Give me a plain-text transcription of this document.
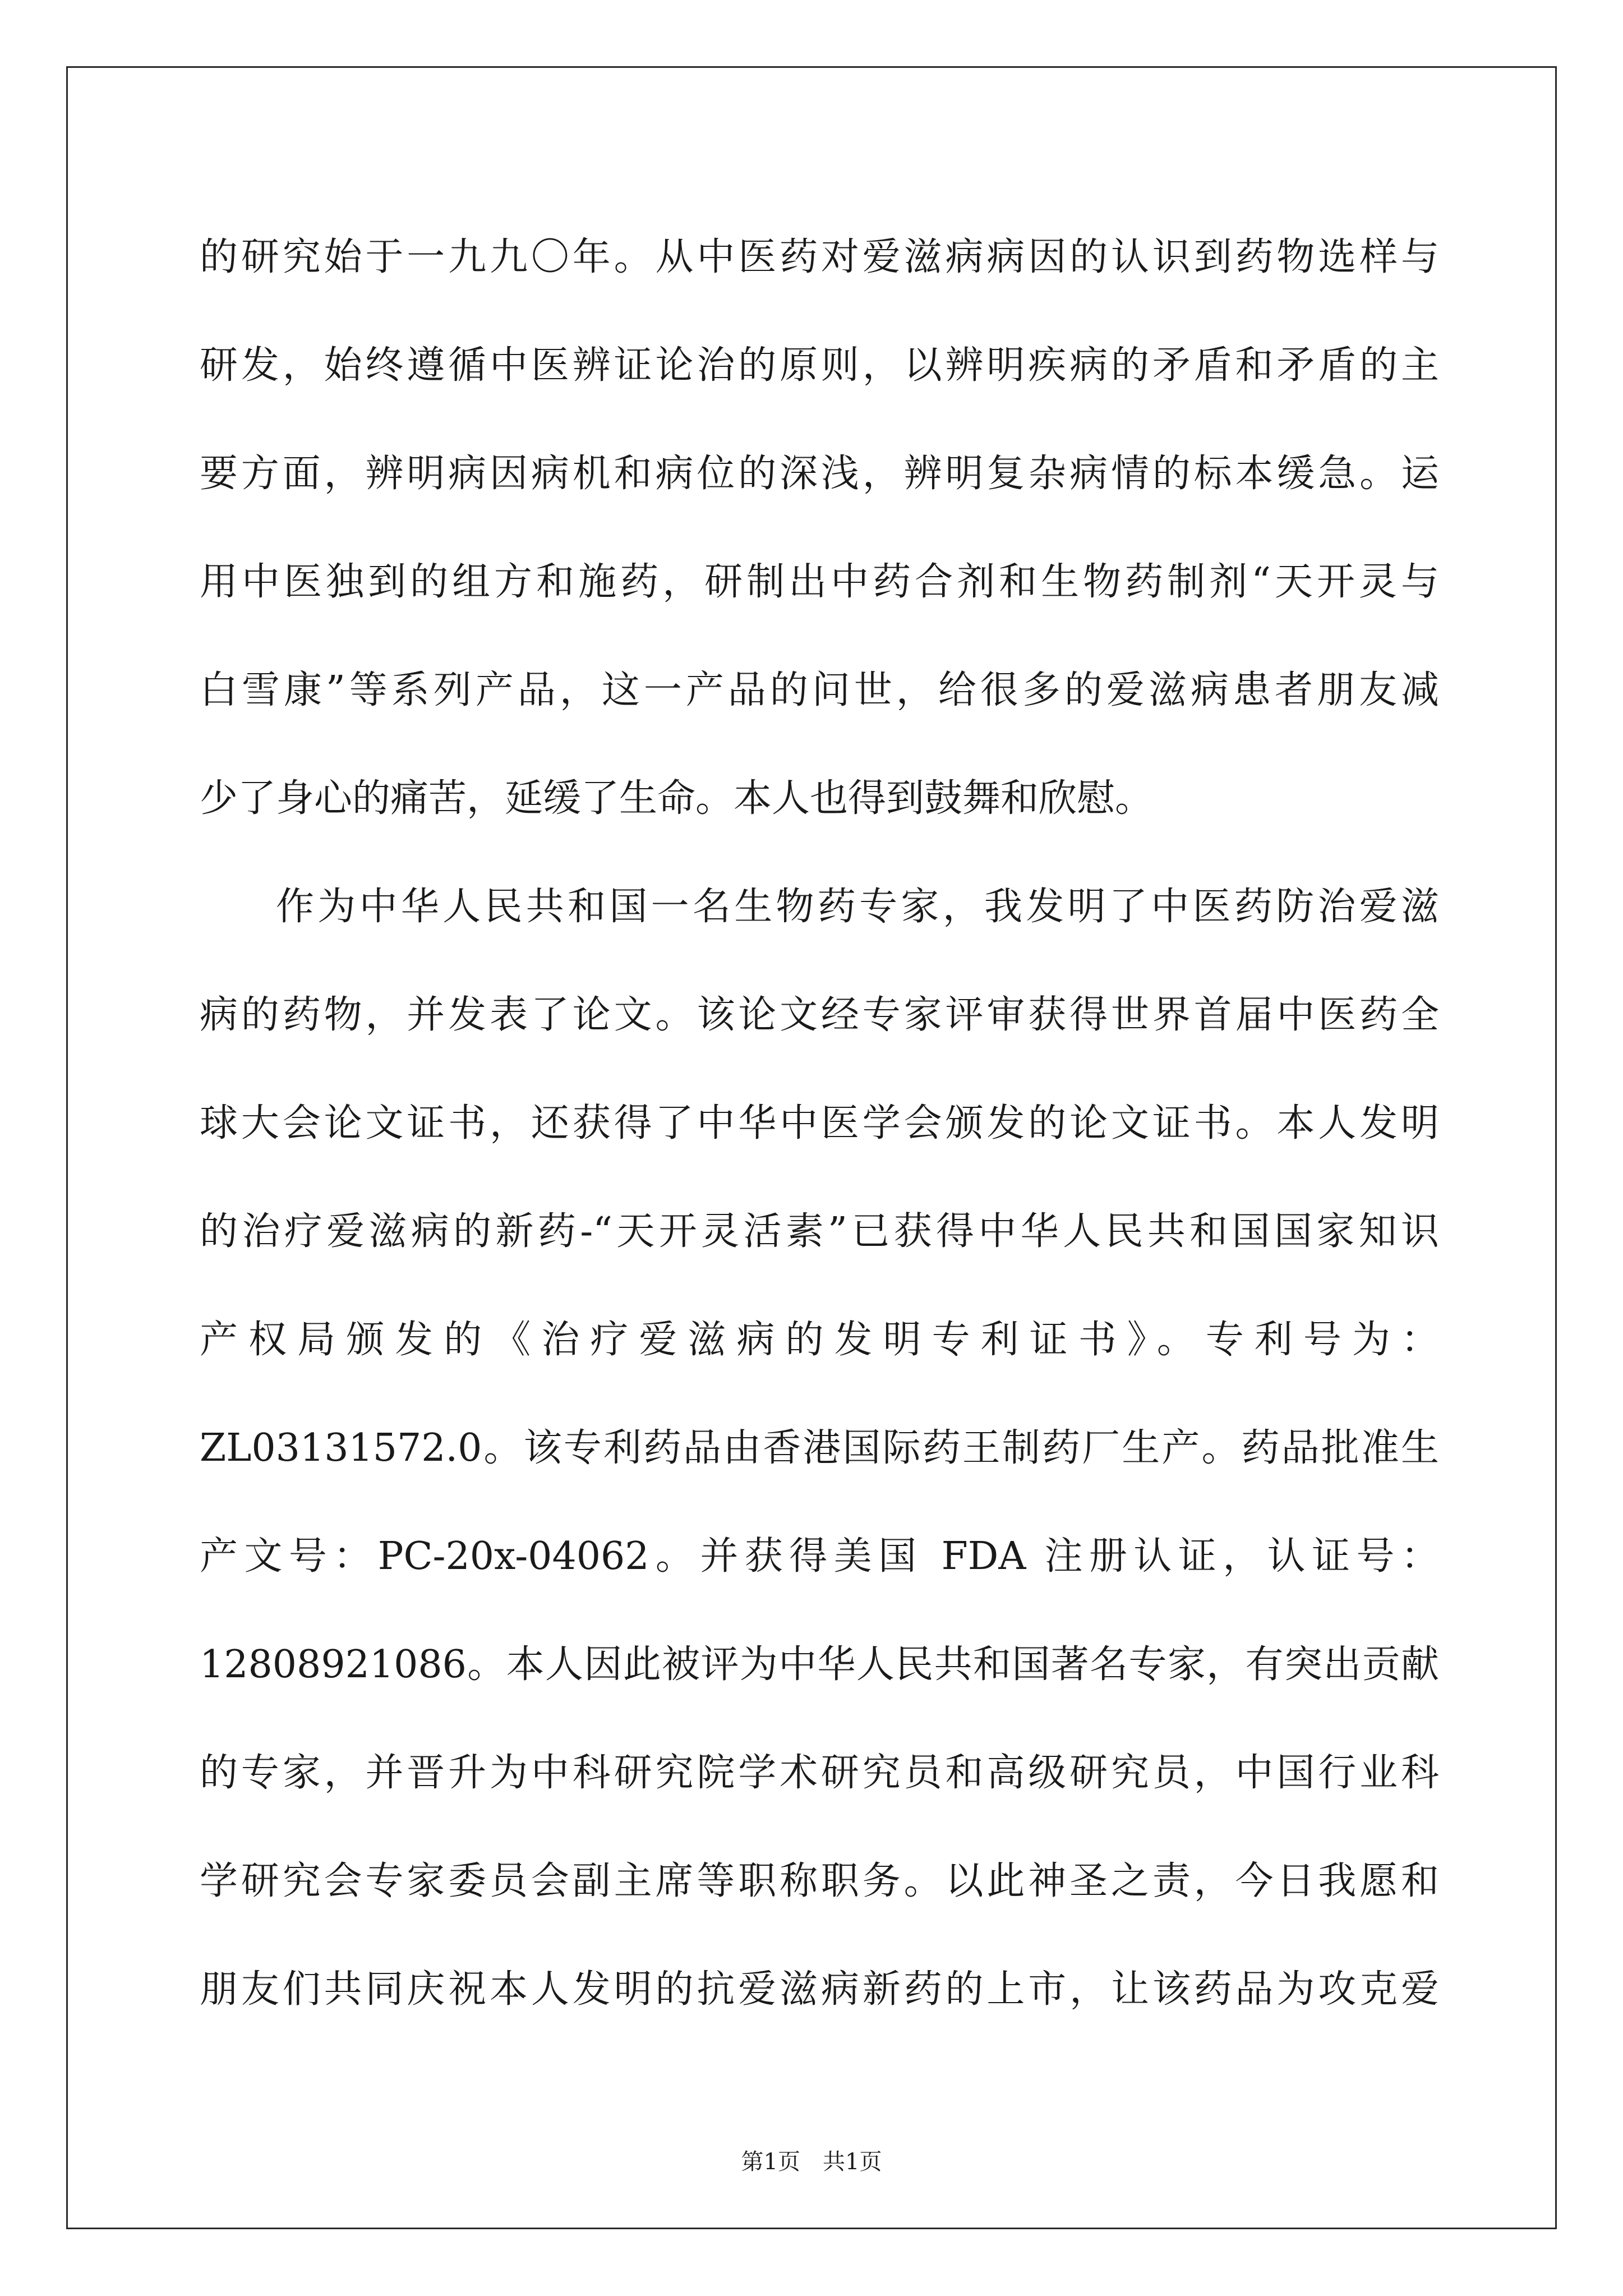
的研究始于一九九〇年。从中医药对爱滋病病因的认识到药物选样与
研发，始终遵循中医辨证论治的原则，以辨明疾病的矛盾和矛盾的主
要方面，辨明病因病机和病位的深浅，辨明复杂病情的标本缓急。运
用中医独到的组方和施药，研制出中药合剂和生物药制剂“天开灵与
白雪康”等系列产品，这一产品的问世，给很多的爱滋病患者朋友减
少了身心的痛苦，延缓了生命。本人也得到鼓舞和欣慰。
作为中华人民共和国一名生物药专家，我发明了中医药防治爱滋
病的药物，并发表了论文。该论文经专家评审获得世界首届中医药全
球大会论文证书，还获得了中华中医学会颁发的论文证书。本人发明
的治疗爱滋病的新药-“天开灵活素”已获得中华人民共和国国家知识
产权局颁发的《治疗爱滋病的发明专利证书》。专利号为：
ZL03131572.0。该专利药品由香港国际药王制药厂生产。药品批准生
产文号：PC-20x-04062。并获得美国 FDA 注册认证，认证号：
12808921086。本人因此被评为中华人民共和国著名专家，有突出贡献
的专家，并晋升为中科研究院学术研究员和高级研究员，中国行业科
学研究会专家委员会副主席等职称职务。以此神圣之责，今日我愿和
朋友们共同庆祝本人发明的抗爱滋病新药的上市，让该药品为攻克爱
第1页　共1页
